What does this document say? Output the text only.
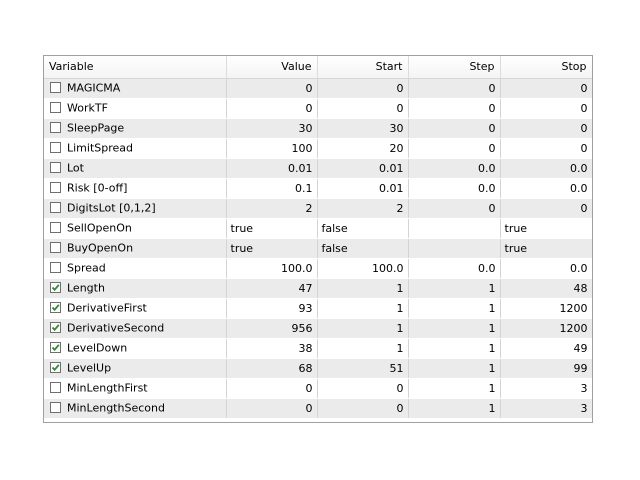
Variable	Value	Start	Step	Stop
MAGICMA	0	0	0	0
WorkTF	0	0	0	0
SleepPage	30	30	0	0
LimitSpread	100	20	0	0
Lot	0.01	0.01	0.0	0.0
Risk [0-off]	0.1	0.01	0.0	0.0
DigitsLot [0,1,2]	2	2	0	0
SellOpenOn	true	false		true
BuyOpenOn	true	false		true
Spread	100.0	100.0	0.0	0.0

Length	47	1	1	48

DerivativeFirst	93	1	1	1200

DerivativeSecond	956	1	1	1200

LevelDown	38	1	1	49

LevelUp	68	51	1	99
MinLengthFirst	0	0	1	3
MinLengthSecond	0	0	1	3
